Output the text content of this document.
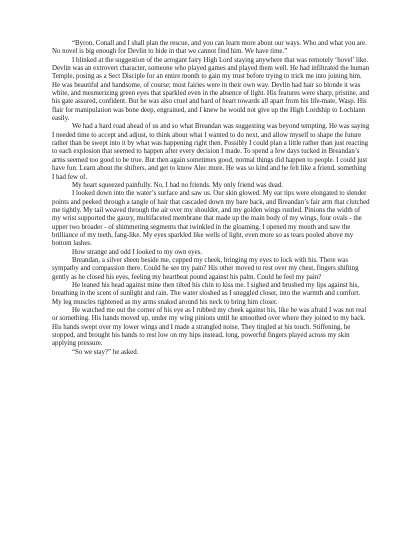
“Byron, Conall and I shall plan the rescue, and you can learn more about our ways. Who and what you are. No novel is big enough for Devlin to hide in that we cannot find him. We have time.”

I blinked at the suggestion of the arrogant fairy High Lord staying anywhere that was remotely ‘hovel’ like. Devlin was an extrovert character, someone who played games and played them well. He had infiltrated the human Temple, posing as a Sect Disciple for an entire month to gain my trust before trying to trick me into joining him. He was beautiful and handsome, of course; most fairies were in their own way. Devlin had hair so blonde it was white, and mesmerizing green eyes that sparkled even in the absence of light. His features were sharp, pristine, and his gate assured, confident. But he was also cruel and hard of heart towards all apart from his life-mate, Wasp. His flair for manipulation was bone deep, engrained, and I knew he would not give up the High Lordship to Lochlann easily.

We had a hard road ahead of us and so what Breandan was suggesting was beyond tempting. He was saying I needed time to accept and adjust, to think about what I wanted to do next, and allow myself to shape the future rather than be swept into it by what was happening right then. Possibly I could plan a little rather than just reacting to each explosion that seemed to happen after every decision I made. To spend a few days tucked in Breandan’s arms seemed too good to be true. But then again sometimes good, normal things did happen to people. I could just have fun. Learn about the shifters, and get to know Alec more. He was so kind and he felt like a friend, something I had few of.

My heart squeezed painfully. No, I had no friends. My only friend was dead.

I looked down into the water’s surface and saw us. Our skin glowed. My ear tips were elongated to slender points and peeked through a tangle of hair that cascaded down my bare back, and Breandan’s fair arm that clutched me tightly. My tail weaved through the air over my shoulder, and my golden wings rustled. Pinions the width of my wrist supported the gauzy, multifaceted membrane that made up the main body of my wings, four ovals - the upper two broader - of shimmering segments that twinkled in the gloaming. I opened my mouth and saw the brilliance of my teeth, fang-like. My eyes sparkled like wells of light, even more so as tears pooled above my bottom lashes.

How strange and odd I looked to my own eyes.

Breandan, a silver sheen beside me, cupped my cheek, bringing my eyes to lock with his. There was sympathy and compassion there. Could he see my pain? His other moved to rest over my chest, fingers shifting gently as he closed his eyes, feeling my heartbeat pound against his palm. Could he feel my pain?

He leaned his head against mine then tilted his chin to kiss me. I sighed and brushed my lips against his, breathing in the scent of sunlight and rain. The water sloshed as I snuggled closer, into the warmth and comfort. My leg muscles tightened as my arms snaked around his neck to bring him closer.

He watched me out the corner of his eye as I rubbed my cheek against his, like he was afraid I was not real or something. His hands moved up, under my wing pinions until he smoothed over where they joined to my back. His hands swept over my lower wings and I made a strangled noise. They tingled at his touch. Stiffening, he stopped, and brought his hands to rest low on my hips instead, long, powerful fingers played across my skin applying pressure.

“So we stay?” he asked.
